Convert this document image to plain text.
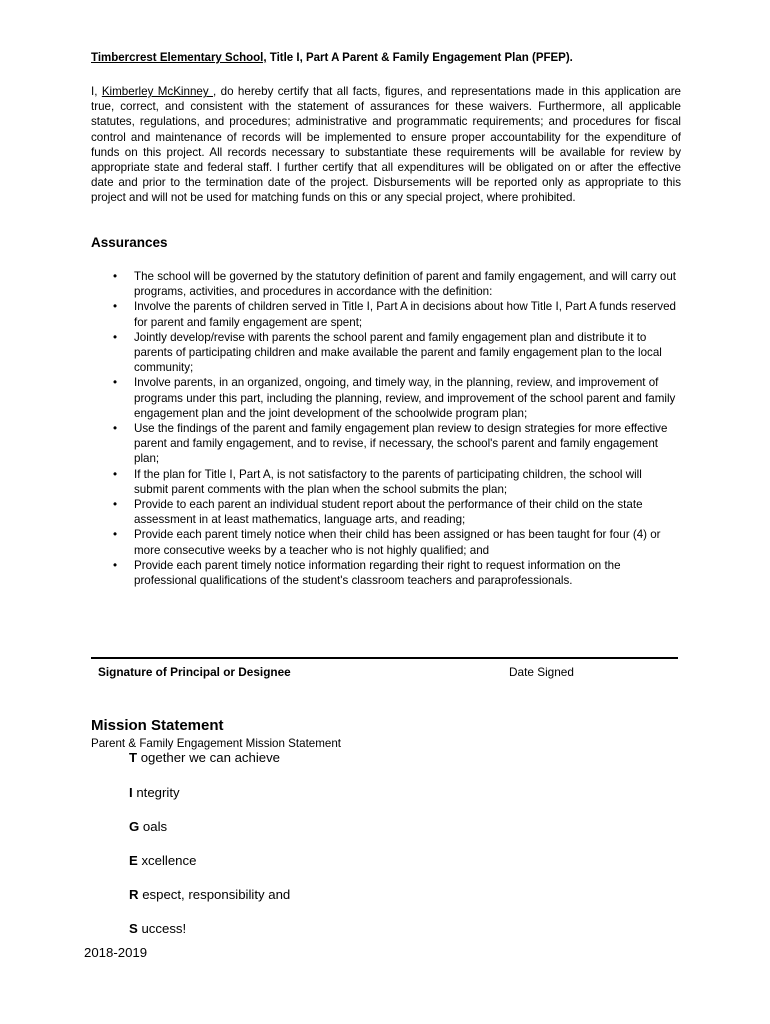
Timbercrest Elementary School, Title I, Part A Parent & Family Engagement Plan (PFEP).
I, Kimberley McKinney , do hereby certify that all facts, figures, and representations made in this application are true, correct, and consistent with the statement of assurances for these waivers. Furthermore, all applicable statutes, regulations, and procedures; administrative and programmatic requirements; and procedures for fiscal control and maintenance of records will be implemented to ensure proper accountability for the expenditure of funds on this project. All records necessary to substantiate these requirements will be available for review by appropriate state and federal staff. I further certify that all expenditures will be obligated on or after the effective date and prior to the termination date of the project. Disbursements will be reported only as appropriate to this project and will not be used for matching funds on this or any special project, where prohibited.
Assurances
•	The school will be governed by the statutory definition of parent and family engagement, and will carry out programs, activities, and procedures in accordance with the definition:
•	Involve the parents of children served in Title I, Part A in decisions about how Title I, Part A funds reserved for parent and family engagement are spent;
•	Jointly develop/revise with parents the school parent and family engagement plan and distribute it to parents of participating children and make available the parent and family engagement plan to the local community;
•	Involve parents, in an organized, ongoing, and timely way, in the planning, review, and improvement of programs under this part, including the planning, review, and improvement of the school parent and family engagement plan and the joint development of the schoolwide program plan;
•	Use the findings of the parent and family engagement plan review to design strategies for more effective parent and family engagement, and to revise, if necessary, the school's parent and family engagement plan;
•	If the plan for Title I, Part A, is not satisfactory to the parents of participating children, the school will submit parent comments with the plan when the school submits the plan;
•	Provide to each parent an individual student report about the performance of their child on the state assessment in at least mathematics, language arts, and reading;
•	Provide each parent timely notice when their child has been assigned or has been taught for four (4) or more consecutive weeks by a teacher who is not highly qualified; and
•	Provide each parent timely notice information regarding their right to request information on the professional qualifications of the student's classroom teachers and paraprofessionals.
Signature of Principal or Designee	Date Signed
Mission Statement
Parent & Family Engagement Mission Statement
T ogether we can achieve
I ntegrity
G oals
E xcellence
R espect, responsibility and
S uccess!
2018-2019
